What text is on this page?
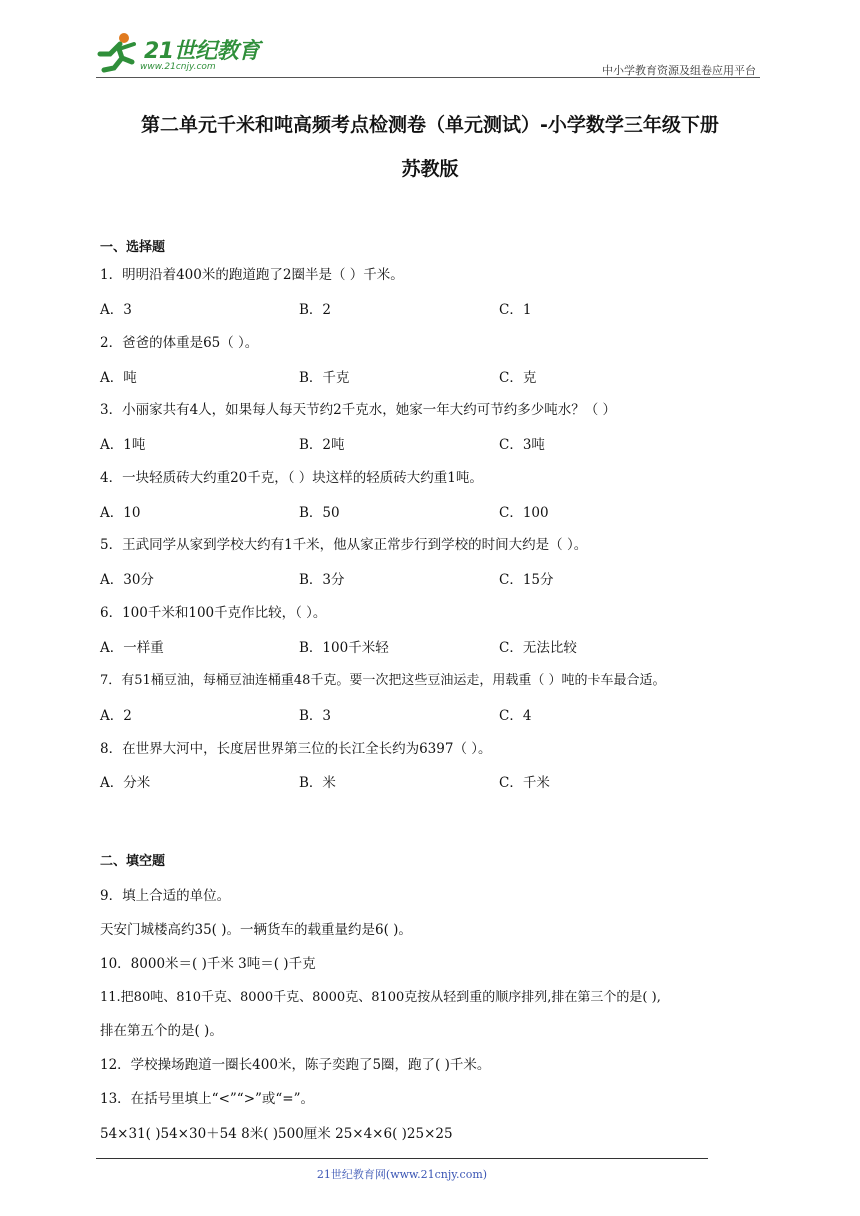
21世纪教育
www.21cnjy.com	中小学教育资源及组卷应用平台
第二单元千米和吨高频考点检测卷（单元测试）-小学数学三年级下册
苏教版
一、选择题
1．明明沿着400米的跑道跑了2圈半是（ ）千米。
A．3	B．2	C．1
2．爸爸的体重是65（ ）。
A．吨	B．千克	C．克
3．小丽家共有4人，如果每人每天节约2千克水，她家一年大约可节约多少吨水？（ ）
A．1吨	B．2吨	C．3吨
4．一块轻质砖大约重20千克，（ ）块这样的轻质砖大约重1吨。
A．10	B．50	C．100
5．王武同学从家到学校大约有1千米，他从家正常步行到学校的时间大约是（ ）。
A．30分	B．3分	C．15分
6．100千米和100千克作比较，（ ）。
A．一样重	B．100千米轻	C．无法比较
7．有51桶豆油，每桶豆油连桶重48千克。要一次把这些豆油运走，用载重（ ）吨的卡车最合适。
A．2	B．3	C．4
8．在世界大河中，长度居世界第三位的长江全长约为6397（ ）。
A．分米	B．米	C．千米
二、填空题
9．填上合适的单位。
天安门城楼高约35( )。一辆货车的载重量约是6( )。
10．8000米＝( )千米 3吨＝( )千克
11.把80吨、810千克、8000千克、8000克、8100克按从轻到重的顺序排列,排在第三个的是( ),
排在第五个的是( )。
12．学校操场跑道一圈长400米，陈子奕跑了5圈，跑了( )千米。
13．在括号里填上“<”“>”或“=”。
54×31( )54×30＋54 8米( )500厘米 25×4×6( )25×25
21世纪教育网(www.21cnjy.com)
